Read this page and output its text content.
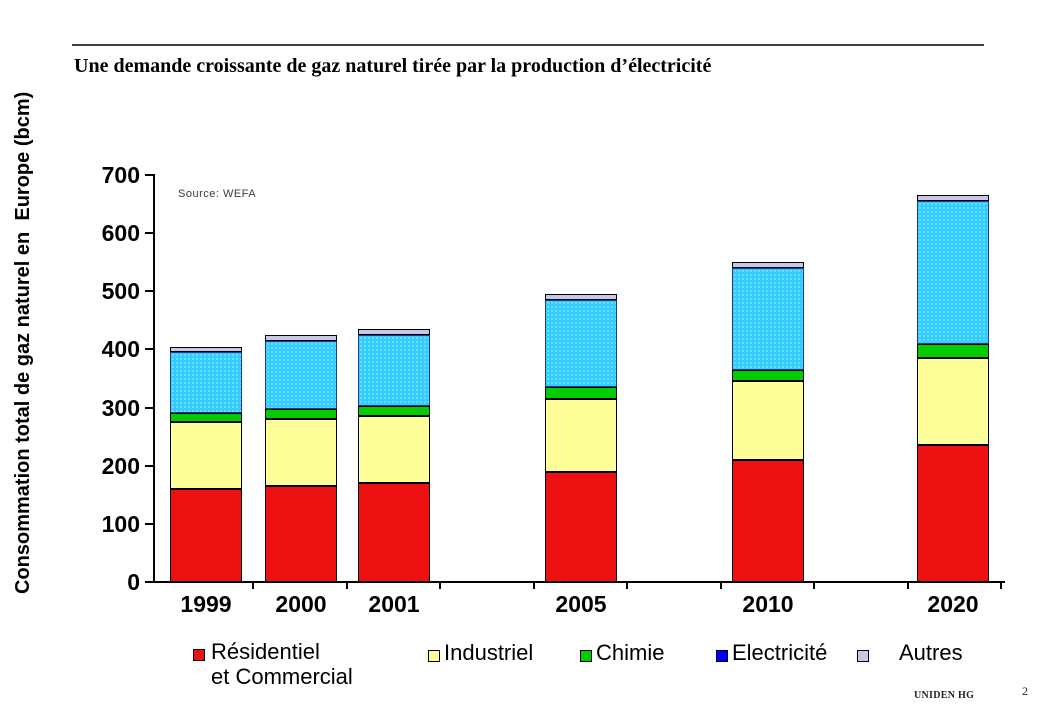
Une demande croissante de gaz naturel tirée par la production d’électricité
Consommation total de gaz naturel en  Europe (bcm)	Source: WEFA
0
100
200
300
400
500
600
700
1999	2000	2001	2005	2010	2020
Résidentiel
et Commercial
Industriel	Chimie	Electricité	Autres
UNIDEN HG	2
